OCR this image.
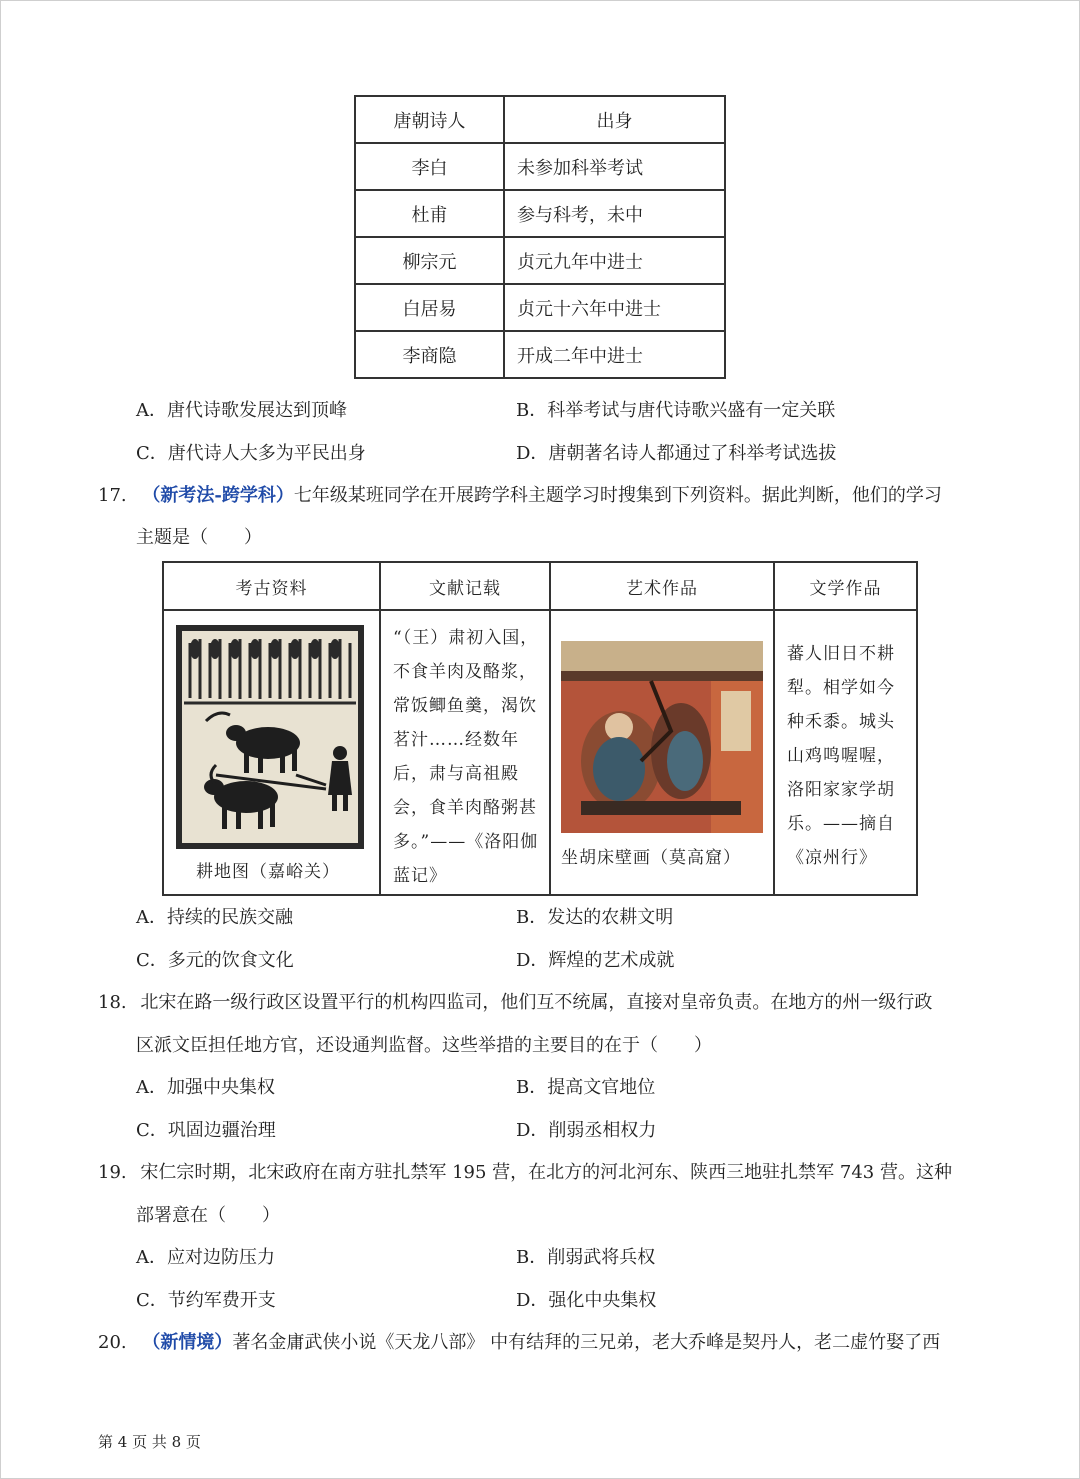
唐朝诗人	出身
李白	未参加科举考试
杜甫	参与科考，未中
柳宗元	贞元九年中进士
白居易	贞元十六年中进士
李商隐	开成二年中进士
A．唐代诗歌发展达到顶峰	B．科举考试与唐代诗歌兴盛有一定关联
C．唐代诗人大多为平民出身	D．唐朝著名诗人都通过了科举考试选拔
17. （新考法-跨学科）七年级某班同学在开展跨学科主题学习时搜集到下列资料。据此判断，他们的学习
主题是（　　）
考古资料	文献记载	艺术作品	文学作品

耕地图（嘉峪关）	“（王）肃初入国，不食羊肉及酪浆，常饭鲫鱼羹，渴饮茗汁……经数年后，肃与高祖殿会，食羊肉酪粥甚多。”——《洛阳伽蓝记》	坐胡床壁画（莫高窟）	蕃人旧日不耕犁。相学如今种禾黍。城头山鸡鸣喔喔，洛阳家家学胡乐。——摘自《凉州行》
A．持续的民族交融	B．发达的农耕文明
C．多元的饮食文化	D．辉煌的艺术成就
18. 北宋在路一级行政区设置平行的机构四监司，他们互不统属，直接对皇帝负责。在地方的州一级行政
区派文臣担任地方官，还设通判监督。这些举措的主要目的在于（　　）
A．加强中央集权	B．提高文官地位
C．巩固边疆治理	D．削弱丞相权力
19. 宋仁宗时期，北宋政府在南方驻扎禁军 195 营，在北方的河北河东、陕西三地驻扎禁军 743 营。这种
部署意在（　　）
A．应对边防压力	B．削弱武将兵权
C．节约军费开支	D．强化中央集权
20. （新情境）著名金庸武侠小说《天龙八部》 中有结拜的三兄弟，老大乔峰是契丹人，老二虚竹娶了西
第 4 页 共 8 页
